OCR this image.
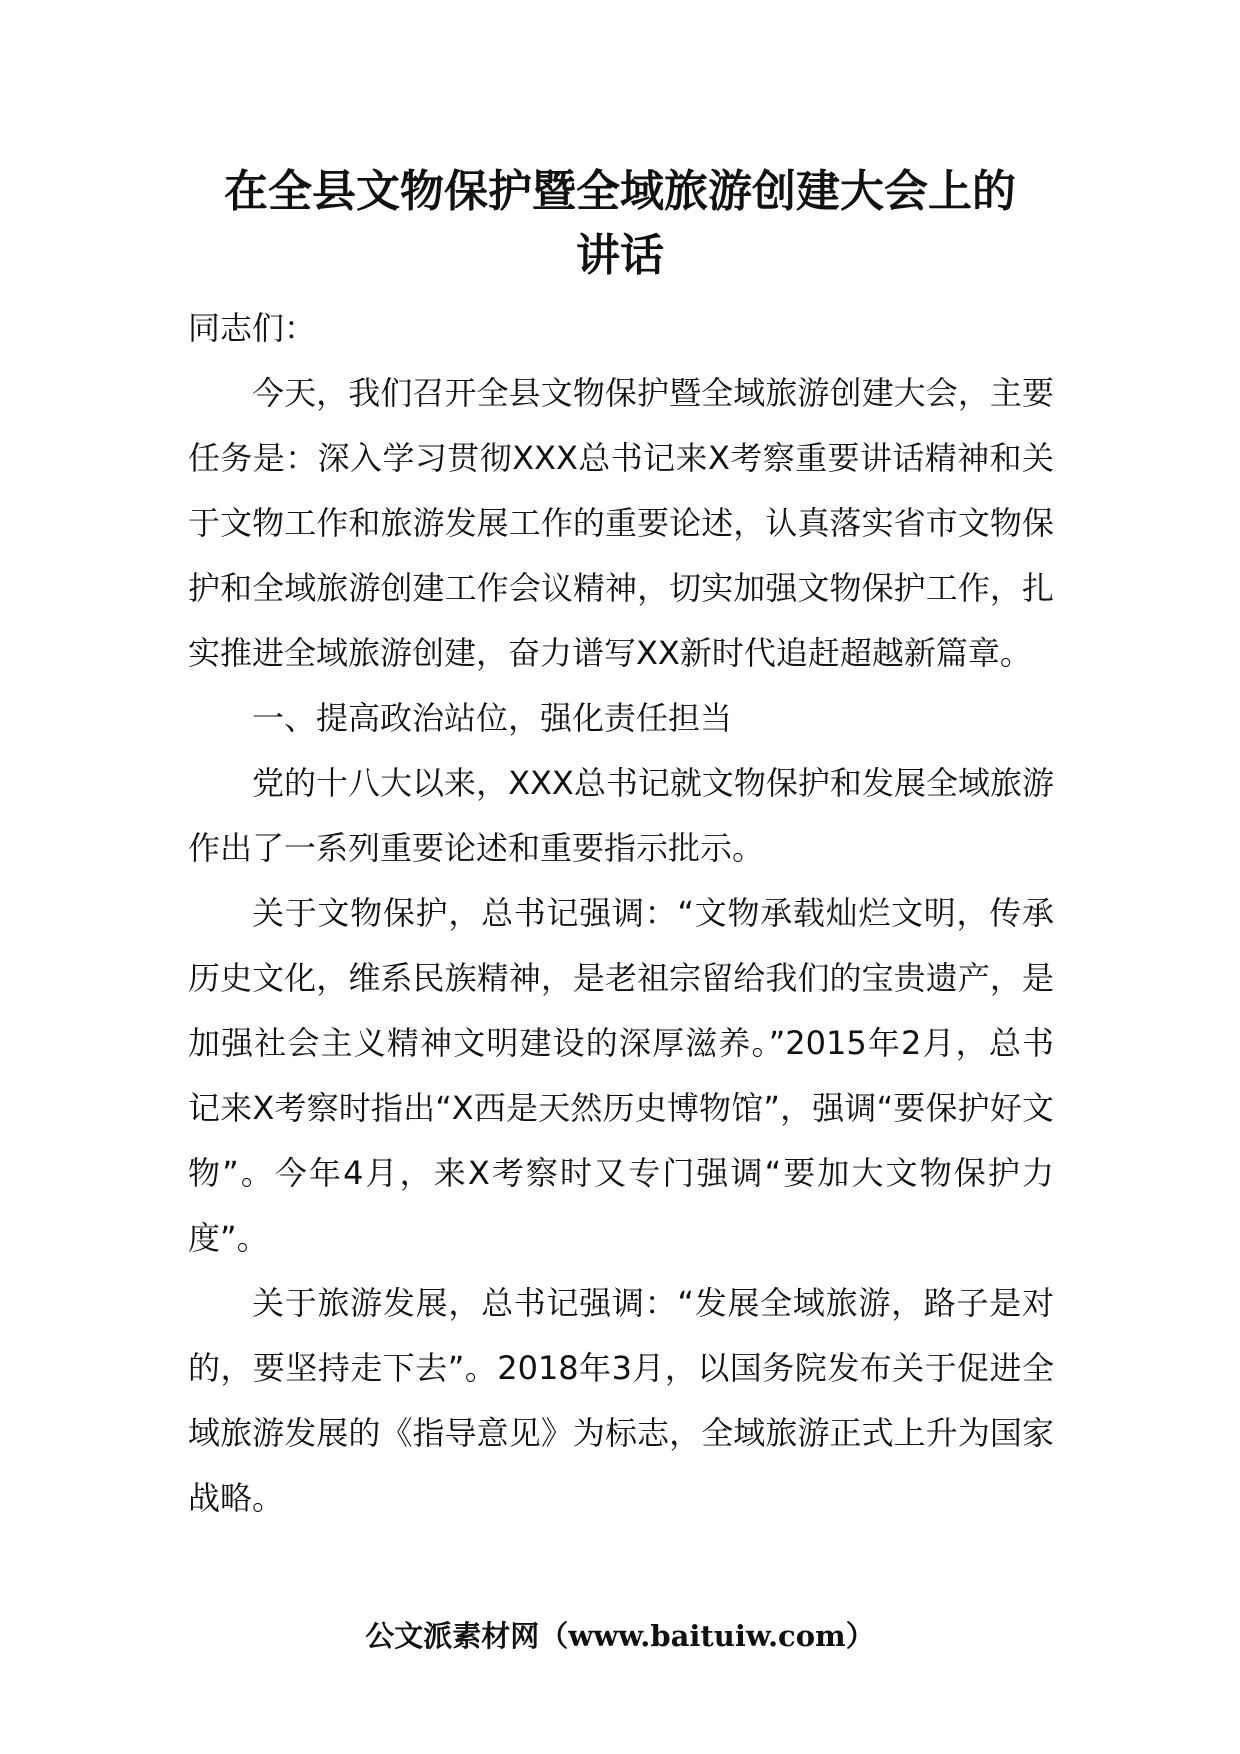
在全县文物保护暨全域旅游创建大会上的
讲话

同志们：

今天，我们召开全县文物保护暨全域旅游创建大会，主要任务是：深入学习贯彻XXX总书记来X考察重要讲话精神和关于文物工作和旅游发展工作的重要论述，认真落实省市文物保护和全域旅游创建工作会议精神，切实加强文物保护工作，扎实推进全域旅游创建，奋力谱写XX新时代追赶超越新篇章。

一、提高政治站位，强化责任担当

党的十八大以来，XXX总书记就文物保护和发展全域旅游作出了一系列重要论述和重要指示批示。

关于文物保护，总书记强调：“文物承载灿烂文明，传承历史文化，维系民族精神，是老祖宗留给我们的宝贵遗产，是加强社会主义精神文明建设的深厚滋养。”2015年2月，总书记来X考察时指出“X西是天然历史博物馆”，强调“要保护好文物”。今年4月，来X考察时又专门强调“要加大文物保护力度”。

关于旅游发展，总书记强调：“发展全域旅游，路子是对的，要坚持走下去”。2018年3月，以国务院发布关于促进全域旅游发展的《指导意见》为标志，全域旅游正式上升为国家战略。

公文派素材网（www.baituiw.com）
